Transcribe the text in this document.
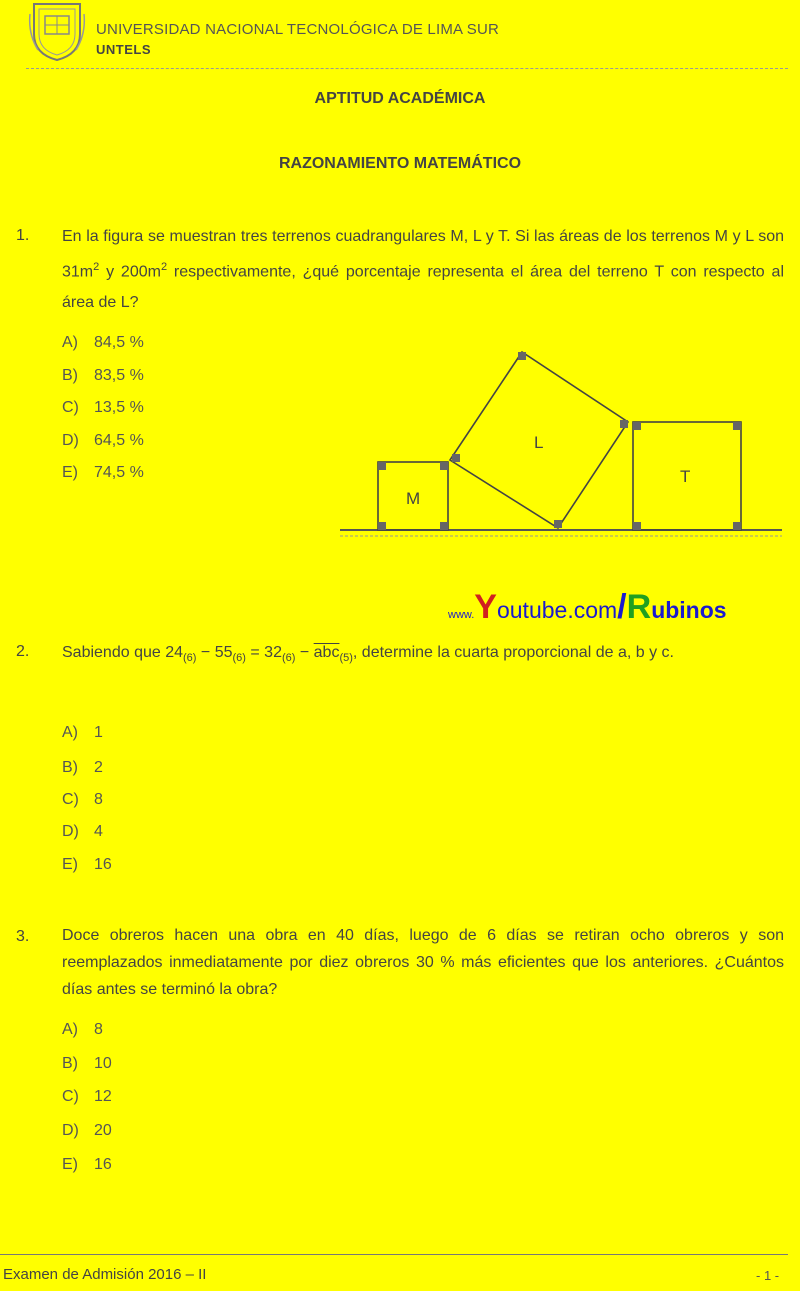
UNIVERSIDAD NACIONAL TECNOLÓGICA DE LIMA SUR
UNTELS
APTITUD ACADÉMICA
RAZONAMIENTO MATEMÁTICO
1. En la figura se muestran tres terrenos cuadrangulares M, L y T. Si las áreas de los terrenos M y L son $31m^2$ y $200m^2$ respectivamente, ¿qué porcentaje representa el área del terreno T con respecto al área de L?
A) 84,5 %
B) 83,5 %
C) 13,5 %
D) 64,5 %
E) 74,5 %
M
L
T
www.Youtube.com/Rubinos
2. Sabiendo que $24_{(6)} - 55_{(6)} = 32_{(6)} - \overline{abc}_{(5)}$, determine la cuarta proporcional de a, b y c.
A) 1
B) 2
C) 8
D) 4
E) 16
3. Doce obreros hacen una obra en 40 días, luego de 6 días se retiran ocho obreros y son reemplazados inmediatamente por diez obreros 30 % más eficientes que los anteriores. ¿Cuántos días antes se terminó la obra?
A) 8
B) 10
C) 12
D) 20
E) 16
Examen de Admisión 2016 – II	- 1 -
